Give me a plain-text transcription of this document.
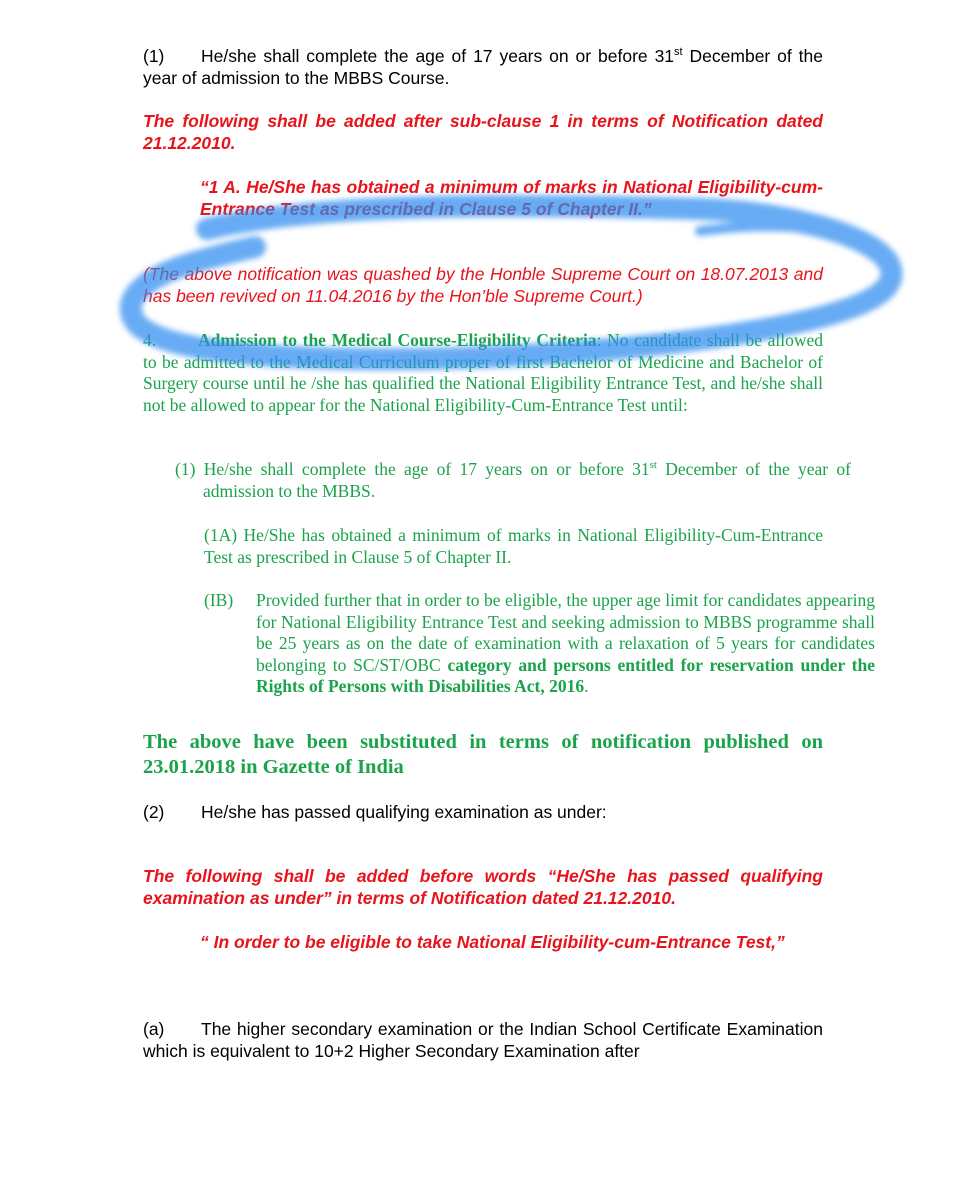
(1) He/she shall complete the age of 17 years on or before 31st December of the year of admission to the MBBS Course.
The following shall be added after sub-clause 1 in terms of Notification dated 21.12.2010.
“1 A. He/She has obtained a minimum of marks in National Eligibility-cum-Entrance Test as prescribed in Clause 5 of Chapter II.”
(The above notification was quashed by the Honble Supreme Court on 18.07.2013 and has been revived on 11.04.2016 by the Hon’ble Supreme Court.)
4. Admission to the Medical Course-Eligibility Criteria: No candidate shall be allowed to be admitted to the Medical Curriculum proper of first Bachelor of Medicine and Bachelor of Surgery course until he /she has qualified the National Eligibility Entrance Test, and he/she shall not be allowed to appear for the National Eligibility-Cum-Entrance Test until:
(1) He/she shall complete the age of 17 years on or before 31st December of the year of admission to the MBBS.
(1A) He/She has obtained a minimum of marks in National Eligibility-Cum-Entrance Test as prescribed in Clause 5 of Chapter II.
(IB) Provided further that in order to be eligible, the upper age limit for candidates appearing for National Eligibility Entrance Test and seeking admission to MBBS programme shall be 25 years as on the date of examination with a relaxation of 5 years for candidates belonging to SC/ST/OBC category and persons entitled for reservation under the Rights of Persons with Disabilities Act, 2016.
The above have been substituted in terms of notification published on 23.01.2018 in Gazette of India
(2) He/she has passed qualifying examination as under:
The following shall be added before words “He/She has passed qualifying examination as under” in terms of Notification dated 21.12.2010.
“ In order to be eligible to take National Eligibility-cum-Entrance Test,”
(a) The higher secondary examination or the Indian School Certificate Examination which is equivalent to 10+2 Higher Secondary Examination after
